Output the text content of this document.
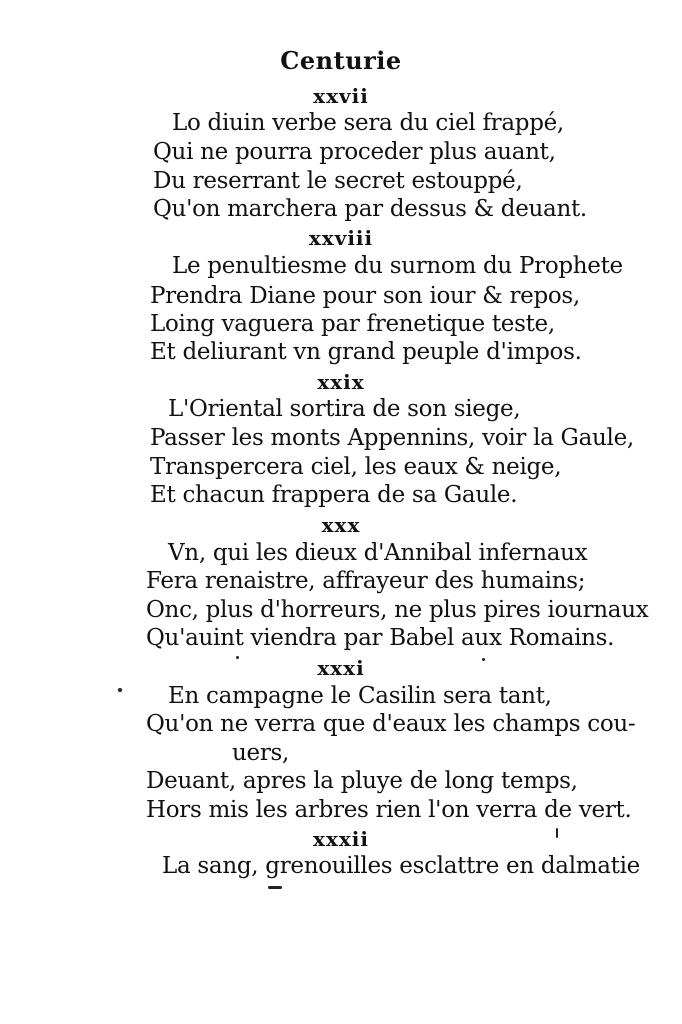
Centurie
xxvii
Lo diuin verbe sera du ciel frappé,
Qui ne pourra proceder plus auant,
Du reserrant le secret estouppé,
Qu'on marchera par dessus & deuant.
xxviii
Le penultiesme du surnom du Prophete
Prendra Diane pour son iour & repos,
Loing vaguera par frenetique teste,
Et deliurant vn grand peuple d'impos.
xxix
L'Oriental sortira de son siege,
Passer les monts Appennins, voir la Gaule,
Transpercera ciel, les eaux & neige,
Et chacun frappera de sa Gaule.
xxx
Vn, qui les dieux d'Annibal infernaux
Fera renaistre, affrayeur des humains;
Onc, plus d'horreurs, ne plus pires iournaux
Qu'auint viendra par Babel aux Romains.
xxxi
En campagne le Casilin sera tant,
Qu'on ne verra que d'eaux les champs cou-
uers,
Deuant, apres la pluye de long temps,
Hors mis les arbres rien l'on verra de vert.
xxxii
La sang, grenouilles esclattre en dalmatie
